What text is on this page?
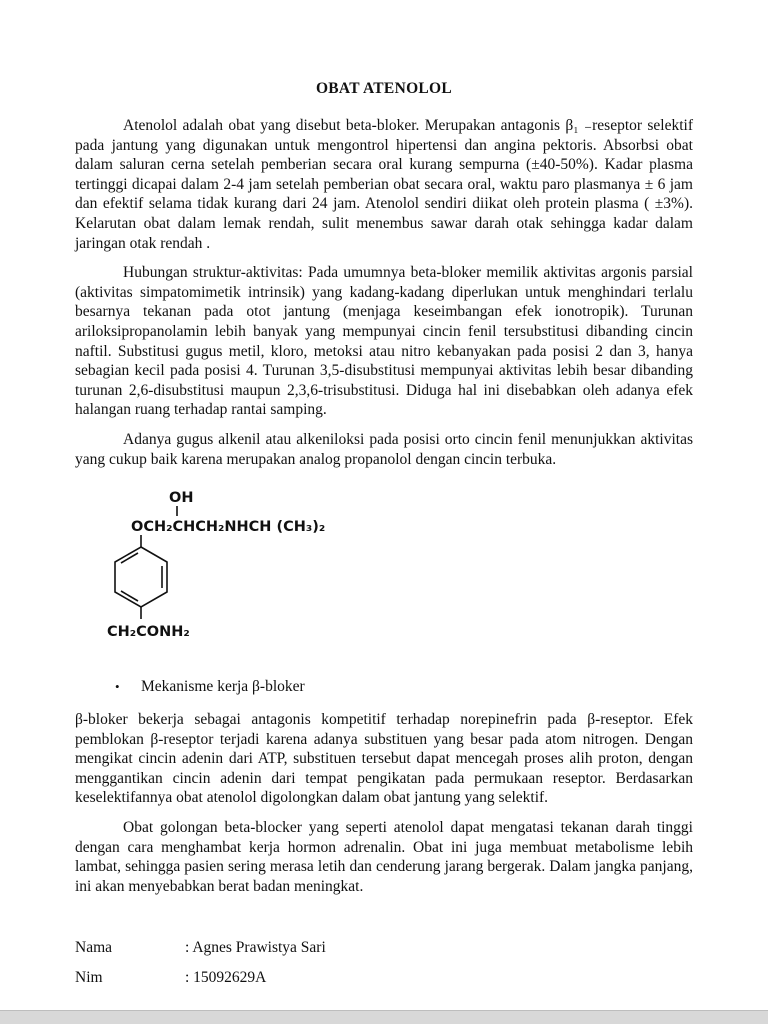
OBAT ATENOLOL

Atenolol adalah obat yang disebut beta-bloker. Merupakan antagonis β₁ ₋reseptor selektif pada jantung yang digunakan untuk mengontrol hipertensi dan angina pektoris. Absorbsi obat dalam saluran cerna setelah pemberian secara oral kurang sempurna (±40-50%). Kadar plasma tertinggi dicapai dalam 2-4 jam setelah pemberian obat secara oral, waktu paro plasmanya ± 6 jam dan efektif selama tidak kurang dari 24 jam. Atenolol sendiri diikat oleh protein plasma ( ±3%). Kelarutan obat dalam lemak rendah, sulit menembus sawar darah otak sehingga kadar dalam jaringan otak rendah .

Hubungan struktur-aktivitas: Pada umumnya beta-bloker memilik aktivitas argonis parsial (aktivitas simpatomimetik intrinsik) yang kadang-kadang diperlukan untuk menghindari terlalu besarnya tekanan pada otot jantung (menjaga keseimbangan efek ionotropik). Turunan ariloksipropanolamin lebih banyak yang mempunyai cincin fenil tersubstitusi dibanding cincin naftil. Substitusi gugus metil, kloro, metoksi atau nitro kebanyakan pada posisi 2 dan 3, hanya sebagian kecil pada posisi 4. Turunan 3,5-disubstitusi mempunyai aktivitas lebih besar dibanding turunan 2,6-disubstitusi maupun 2,3,6-trisubstitusi. Diduga hal ini disebabkan oleh adanya efek halangan ruang terhadap rantai samping.

Adanya gugus alkenil atau alkeniloksi pada posisi orto cincin fenil menunjukkan aktivitas yang cukup baik karena merupakan analog propanolol dengan cincin terbuka.

OH
OCH₂CHCH₂NHCH (CH₃)₂
CH₂CONH₂
•	Mekanisme kerja β-bloker

β-bloker bekerja sebagai antagonis kompetitif terhadap norepinefrin pada β-reseptor. Efek pemblokan β-reseptor terjadi karena adanya substituen yang besar pada atom nitrogen. Dengan mengikat cincin adenin dari ATP, substituen tersebut dapat mencegah proses alih proton, dengan menggantikan cincin adenin dari tempat pengikatan pada permukaan reseptor. Berdasarkan keselektifannya obat atenolol digolongkan dalam obat jantung yang selektif.

Obat golongan beta-blocker yang seperti atenolol dapat mengatasi tekanan darah tinggi dengan cara menghambat kerja hormon adrenalin. Obat ini juga membuat metabolisme lebih lambat, sehingga pasien sering merasa letih dan cenderung jarang bergerak. Dalam jangka panjang, ini akan menyebabkan berat badan meningkat.

Nama	: Agnes Prawistya Sari
Nim	: 15092629A
